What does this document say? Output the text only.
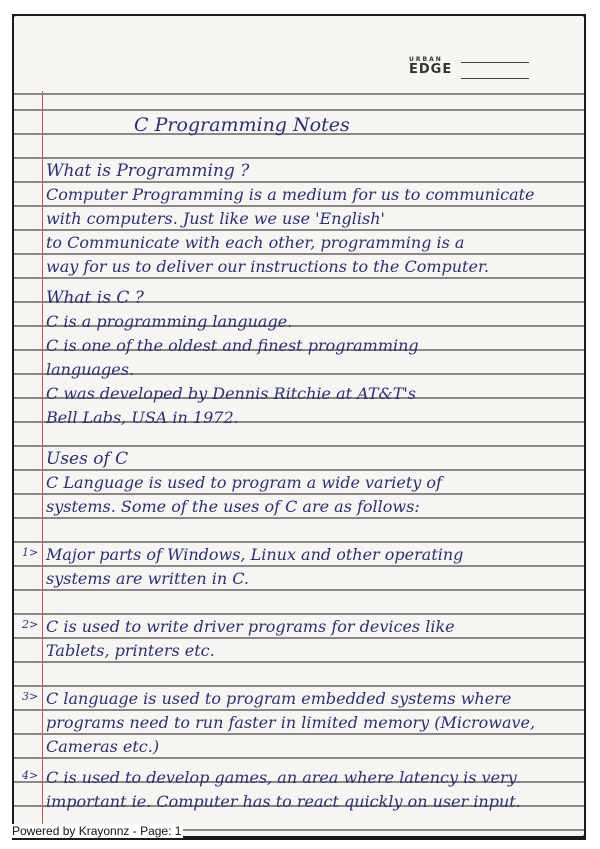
URBAN
EDGE
C Programming Notes
What is Programming ?
Computer Programming is a medium for us to communicate
with computers. Just like we use 'English'
to Communicate with each other, programming is a
way for us to deliver our instructions to the Computer.
What is C ?
C is a programming language.
C is one of the oldest and finest programming
languages.
C was developed by Dennis Ritchie at AT&T's
Bell Labs, USA in 1972.
Uses of C
C Language is used to program a wide variety of
systems. Some of the uses of C are as follows:
1> Major parts of Windows, Linux and other operating
systems are written in C.
2> C is used to write driver programs for devices like
Tablets, printers etc.
3> C language is used to program embedded systems where
programs need to run faster in limited memory (Microwave,
Cameras etc.)
4> C is used to develop games, an area where latency is very
important ie. Computer has to react quickly on user input.
Powered by Krayonnz - Page: 1
